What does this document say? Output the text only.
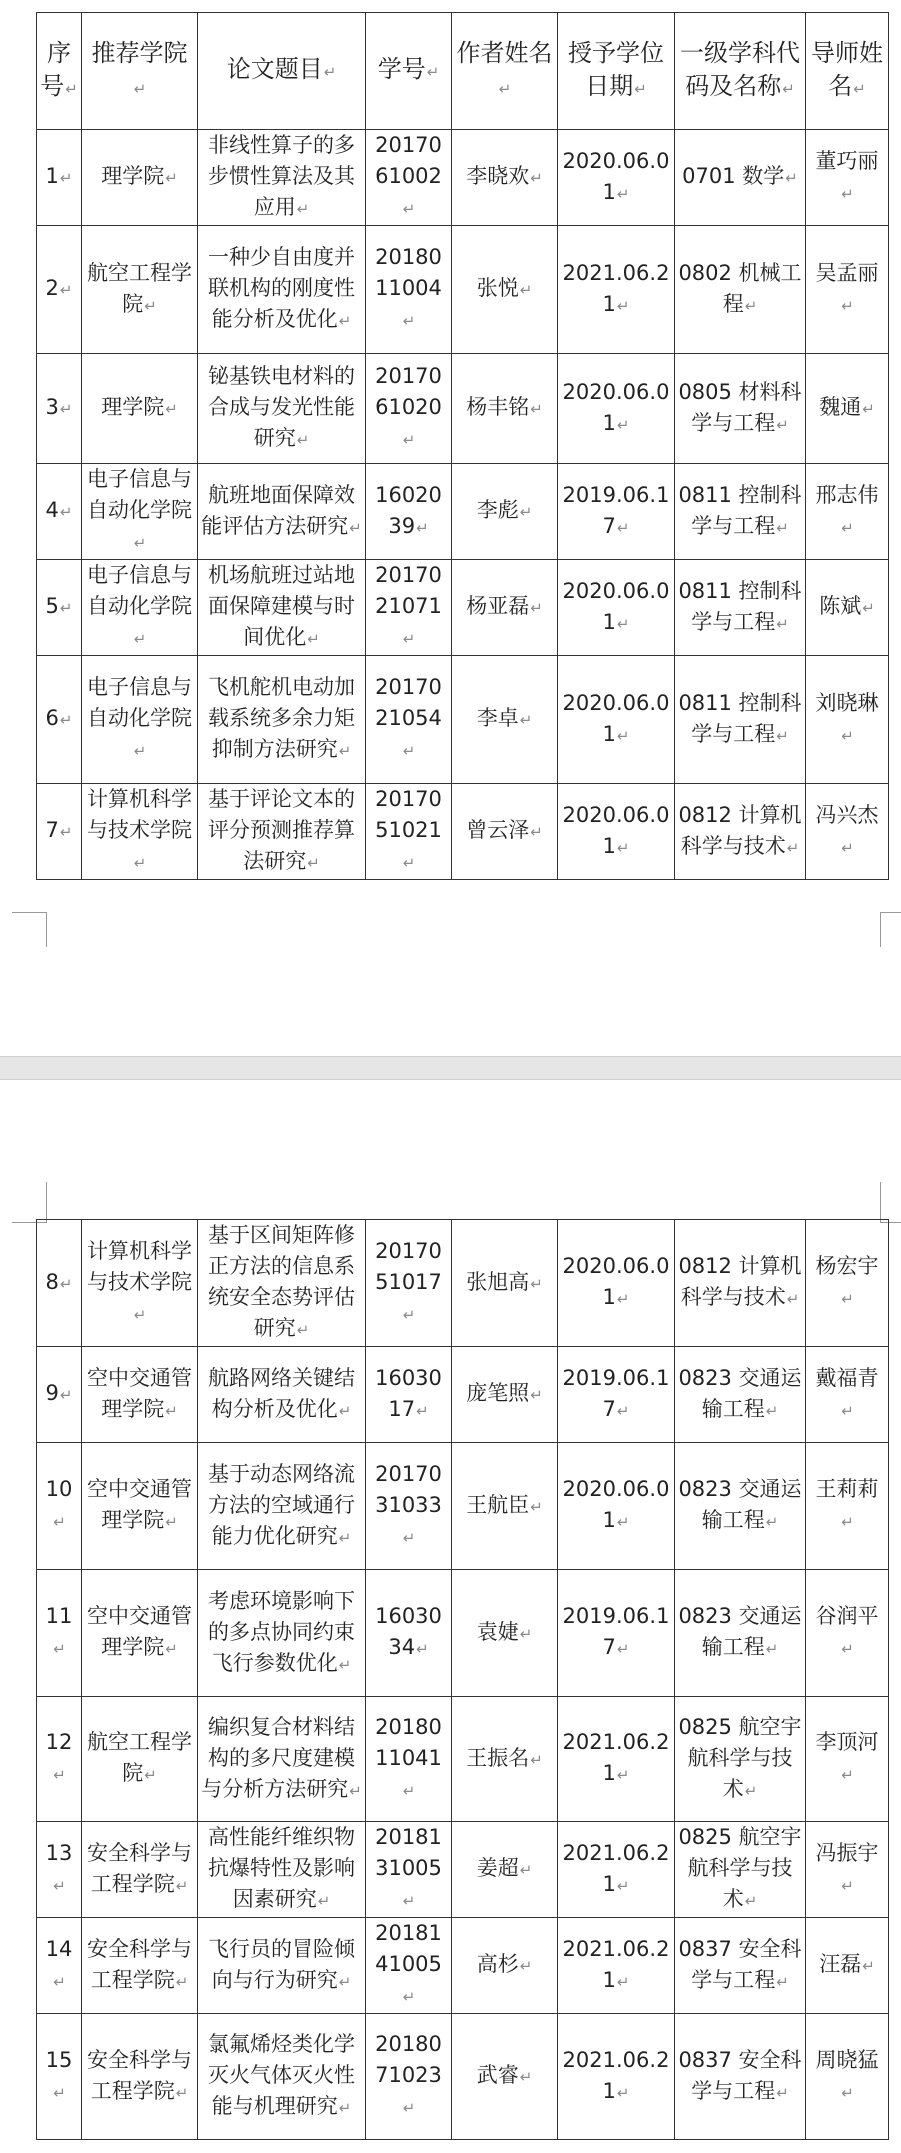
序号↵	推荐学院↵	论文题目↵	学号↵	作者姓名↵	授予学位日期↵	一级学科代码及名称↵	导师姓名↵
1↵	理学院↵	非线性算子的多步惯性算法及其应用↵	2017061002↵	李晓欢↵	2020.06.01↵	0701 数学↵	董巧丽↵
2↵	航空工程学院↵	一种少自由度并联机构的刚度性能分析及优化↵	2018011004↵	张悦↵	2021.06.21↵	0802 机械工程↵	吴孟丽↵
3↵	理学院↵	铋基铁电材料的合成与发光性能研究↵	2017061020↵	杨丰铭↵	2020.06.01↵	0805 材料科学与工程↵	魏通↵
4↵	电子信息与自动化学院↵	航班地面保障效能评估方法研究↵	1602039↵	李彪↵	2019.06.17↵	0811 控制科学与工程↵	邢志伟↵
5↵	电子信息与自动化学院↵	机场航班过站地面保障建模与时间优化↵	2017021071↵	杨亚磊↵	2020.06.01↵	0811 控制科学与工程↵	陈斌↵
6↵	电子信息与自动化学院↵	飞机舵机电动加载系统多余力矩抑制方法研究↵	2017021054↵	李卓↵	2020.06.01↵	0811 控制科学与工程↵	刘晓琳↵
7↵	计算机科学与技术学院↵	基于评论文本的评分预测推荐算法研究↵	2017051021↵	曾云泽↵	2020.06.01↵	0812 计算机科学与技术↵	冯兴杰↵
8↵	计算机科学与技术学院↵	基于区间矩阵修正方法的信息系统安全态势评估研究↵	2017051017↵	张旭高↵	2020.06.01↵	0812 计算机科学与技术↵	杨宏宇↵
9↵	空中交通管理学院↵	航路网络关键结构分析及优化↵	1603017↵	庞笔照↵	2019.06.17↵	0823 交通运输工程↵	戴福青↵
10↵	空中交通管理学院↵	基于动态网络流方法的空域通行能力优化研究↵	2017031033↵	王航臣↵	2020.06.01↵	0823 交通运输工程↵	王莉莉↵
11↵	空中交通管理学院↵	考虑环境影响下的多点协同约束飞行参数优化↵	1603034↵	袁婕↵	2019.06.17↵	0823 交通运输工程↵	谷润平↵
12↵	航空工程学院↵	编织复合材料结构的多尺度建模与分析方法研究↵	2018011041↵	王振名↵	2021.06.21↵	0825 航空宇航科学与技术↵	李顶河↵
13↵	安全科学与工程学院↵	高性能纤维织物抗爆特性及影响因素研究↵	2018131005↵	姜超↵	2021.06.21↵	0825 航空宇航科学与技术↵	冯振宇↵
14↵	安全科学与工程学院↵	飞行员的冒险倾向与行为研究↵	2018141005↵	高杉↵	2021.06.21↵	0837 安全科学与工程↵	汪磊↵
15↵	安全科学与工程学院↵	氯氟烯烃类化学灭火气体灭火性能与机理研究↵	2018071023↵	武睿↵	2021.06.21↵	0837 安全科学与工程↵	周晓猛↵
